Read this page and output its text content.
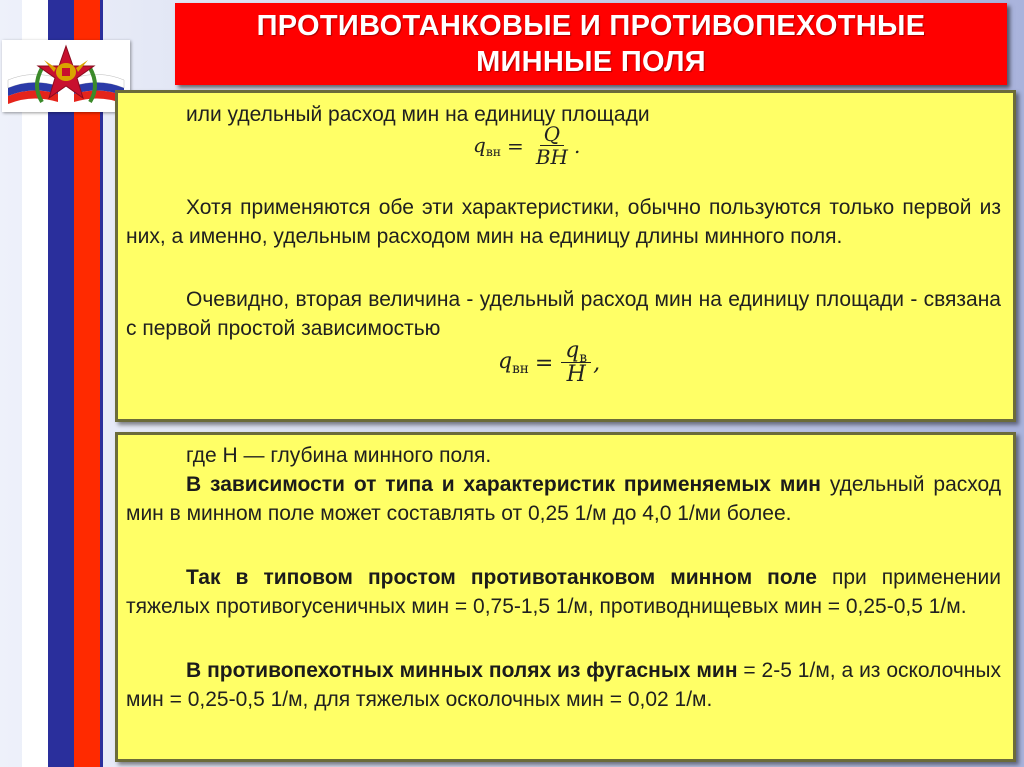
ПРОТИВОТАНКОВЫЕ И ПРОТИВОПЕХОТНЫЕ
МИННЫЕ ПОЛЯ
или удельный расход мин на единицу площади
$q_{вн} = \frac{Q}{BH}$ .
Хотя применяются обе эти характеристики, обычно пользуются только первой из них, а именно, удельным расходом мин на единицу длины минного поля.
Очевидно, вторая величина - удельный расход мин на единицу площади - связана с первой простой зависимостью
$q_{вн} = \frac{q_в}{H}$ ,
где Н — глубина минного поля.
В зависимости от типа и характеристик применяемых мин удельный расход мин в минном поле может составлять от 0,25 1/м до 4,0 1/ми более.
Так в типовом простом противотанковом минном поле при применении тяжелых противогусеничных мин = 0,75-1,5 1/м, противоднищевых мин = 0,25-0,5 1/м.
В противопехотных минных полях из фугасных мин = 2-5 1/м, а из осколочных мин = 0,25-0,5 1/м, для тяжелых осколочных мин = 0,02 1/м.
